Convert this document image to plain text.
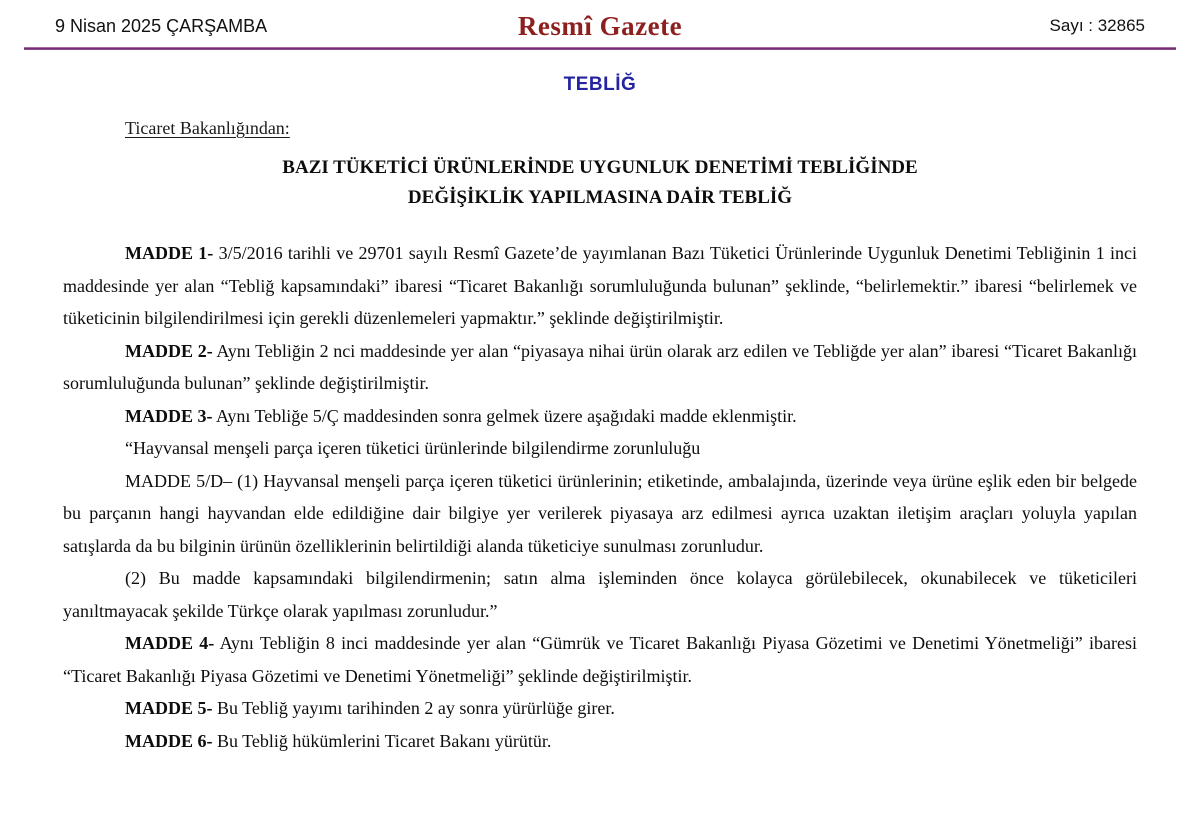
9 Nisan 2025 ÇARŞAMBA	Resmî Gazete	Sayı : 32865
TEBLİĞ
Ticaret Bakanlığından:
BAZI TÜKETİCİ ÜRÜNLERİNDE UYGUNLUK DENETİMİ TEBLİĞİNDE
DEĞİŞİKLİK YAPILMASINA DAİR TEBLİĞ

MADDE 1- 3/5/2016 tarihli ve 29701 sayılı Resmî Gazete’de yayımlanan Bazı Tüketici Ürünlerinde Uygunluk Denetimi Tebliğinin 1 inci maddesinde yer alan “Tebliğ kapsamındaki” ibaresi “Ticaret Bakanlığı sorumluluğunda bulunan” şeklinde, “belirlemektir.” ibaresi “belirlemek ve tüketicinin bilgilendirilmesi için gerekli düzenlemeleri yapmaktır.” şeklinde değiştirilmiştir.

MADDE 2- Aynı Tebliğin 2 nci maddesinde yer alan “piyasaya nihai ürün olarak arz edilen ve Tebliğde yer alan” ibaresi “Ticaret Bakanlığı sorumluluğunda bulunan” şeklinde değiştirilmiştir.

MADDE 3- Aynı Tebliğe 5/Ç maddesinden sonra gelmek üzere aşağıdaki madde eklenmiştir.

“Hayvansal menşeli parça içeren tüketici ürünlerinde bilgilendirme zorunluluğu

MADDE 5/D– (1) Hayvansal menşeli parça içeren tüketici ürünlerinin; etiketinde, ambalajında, üzerinde veya ürüne eşlik eden bir belgede bu parçanın hangi hayvandan elde edildiğine dair bilgiye yer verilerek piyasaya arz edilmesi ayrıca uzaktan iletişim araçları yoluyla yapılan satışlarda da bu bilginin ürünün özelliklerinin belirtildiği alanda tüketiciye sunulması zorunludur.

(2) Bu madde kapsamındaki bilgilendirmenin; satın alma işleminden önce kolayca görülebilecek, okunabilecek ve tüketicileri yanıltmayacak şekilde Türkçe olarak yapılması zorunludur.”

MADDE 4- Aynı Tebliğin 8 inci maddesinde yer alan “Gümrük ve Ticaret Bakanlığı Piyasa Gözetimi ve Denetimi Yönetmeliği” ibaresi “Ticaret Bakanlığı Piyasa Gözetimi ve Denetimi Yönetmeliği” şeklinde değiştirilmiştir.

MADDE 5- Bu Tebliğ yayımı tarihinden 2 ay sonra yürürlüğe girer.

MADDE 6- Bu Tebliğ hükümlerini Ticaret Bakanı yürütür.
